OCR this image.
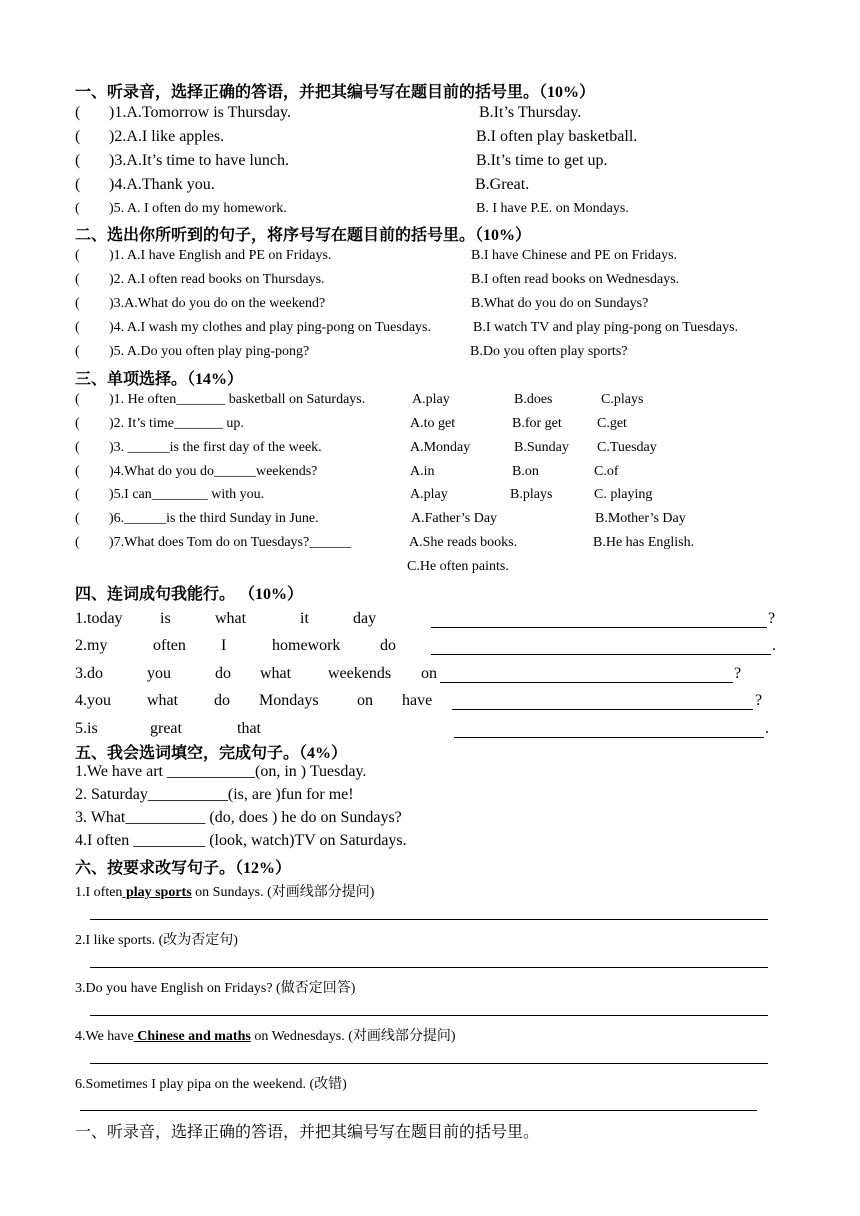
一、听录音，选择正确的答语，并把其编号写在题目前的括号里。（10%）
( )1.A.Tomorrow is Thursday.	B.It’s Thursday.
( )2.A.I like apples.	B.I often play basketball.
( )3.A.It’s time to have lunch.	B.It’s time to get up.
( )4.A.Thank you.	B.Great.
( )5. A. I often do my homework.	B. I have P.E. on Mondays.
二、选出你所听到的句子，将序号写在题目前的括号里。（10%）
( )1. A.I have English and PE on Fridays.	B.I have Chinese and PE on Fridays.
( )2. A.I often read books on Thursdays.	B.I often read books on Wednesdays.
( )3.A.What do you do on the weekend?	B.What do you do on Sundays?
( )4. A.I wash my clothes and play ping-pong on Tuesdays.	B.I watch TV and play ping-pong on Tuesdays.
( )5. A.Do you often play ping-pong?	B.Do you often play sports?
三、单项选择。（14%）
( )1. He often_______ basketball on Saturdays.	A.play	B.does	C.plays
( )2. It’s time_______ up.	A.to get	B.for get	C.get
( )3. ______is the first day of the week.	A.Monday	B.Sunday C.Tuesday
( )4.What do you do______weekends?	A.in	B.on	C.of
( )5.I can________ with you.	A.play	B.plays	C. playing
( )6.______is the third Sunday in June.	A.Father’s Day	B.Mother’s Day
( )7.What does Tom do on Tuesdays?______	A.She reads books.	B.He has English.
C.He often paints.
四、连词成句我能行。 （10%）
1.today is	what	it	day	?
2.my	often I	homework do	.
3.do	you	do what weekends on	?
4.you what do Mondays on have	?
5.is	great	that	.
五、我会选词填空，完成句子。（4%）
1.We have art ___________(on, in ) Tuesday.
2. Saturday__________(is, are )fun for me!
3. What__________ (do, does ) he do on Sundays?
4.I often _________ (look, watch)TV on Saturdays.
六、按要求改写句子。（12%）
1.I often play sports on Sundays. (对画线部分提问)
2.I like sports. (改为否定句)
3.Do you have English on Fridays? (做否定回答)
4.We have Chinese and maths on Wednesdays. (对画线部分提问)
6.Sometimes I play pipa on the weekend. (改错)
一、听录音，选择正确的答语，并把其编号写在题目前的括号里。
